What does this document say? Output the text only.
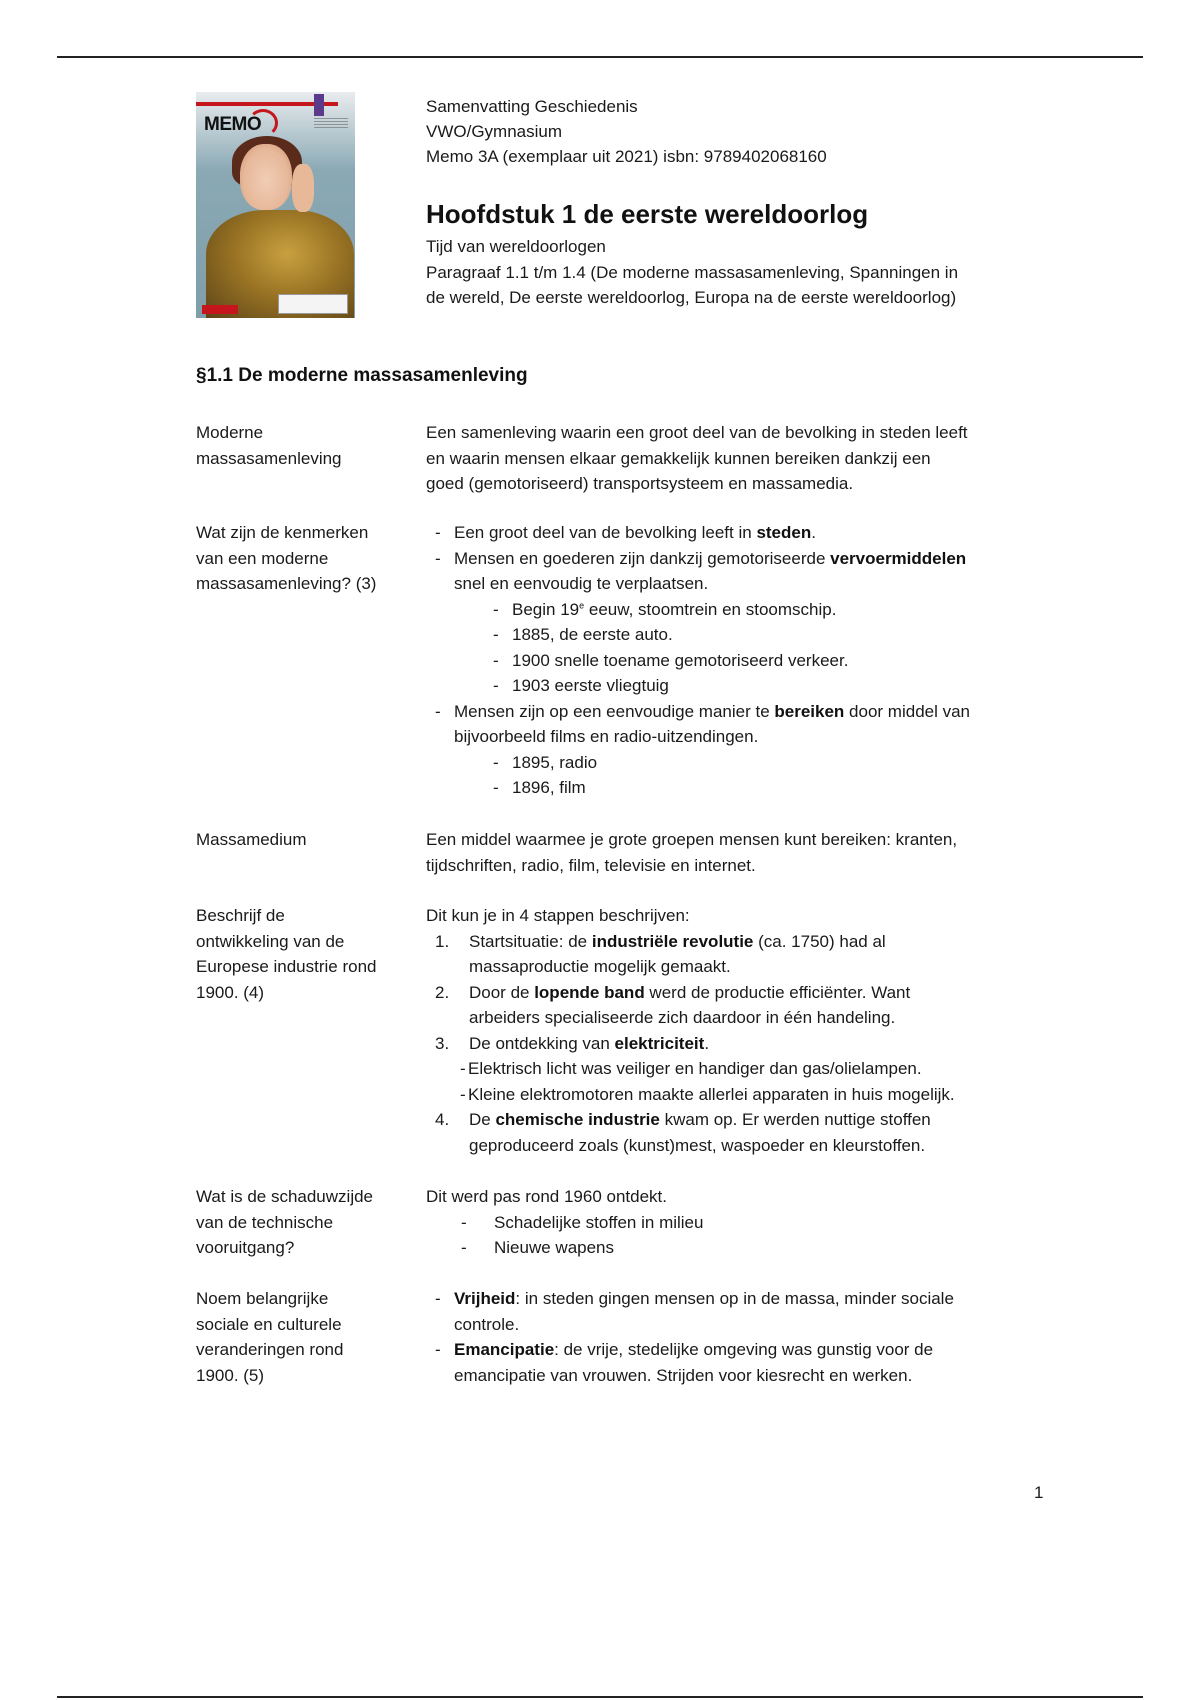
MEMO
Samenvatting Geschiedenis
VWO/Gymnasium
Memo 3A (exemplaar uit 2021) isbn: 9789402068160
Hoofdstuk 1 de eerste wereldoorlog
Tijd van wereldoorlogen
Paragraaf 1.1 t/m 1.4 (De moderne massasamenleving, Spanningen in
de wereld, De eerste wereldoorlog, Europa na de eerste wereldoorlog)
§1.1 De moderne massasamenleving
Moderne
massasamenleving

Een samenleving waarin een groot deel van de bevolking in steden leeft

en waarin mensen elkaar gemakkelijk kunnen bereiken dankzij een

goed (gemotoriseerd) transportsysteem en massamedia.

Wat zijn de kenmerken
van een moderne
massasamenleving? (3)

- Een groot deel van de bevolking leeft in steden.

- Mensen en goederen zijn dankzij gemotoriseerde vervoermiddelen
snel en eenvoudig te verplaatsen.

- Begin 19e eeuw, stoomtrein en stoomschip.

- 1885, de eerste auto.

- 1900 snelle toename gemotoriseerd verkeer.

- 1903 eerste vliegtuig

- Mensen zijn op een eenvoudige manier te bereiken door middel van
bijvoorbeeld films en radio-uitzendingen.

- 1895, radio

- 1896, film

Massamedium	Een middel waarmee je grote groepen mensen kunt bereiken: kranten,

tijdschriften, radio, film, televisie en internet.

Beschrijf de
ontwikkeling van de
Europese industrie rond
1900. (4)

Dit kun je in 4 stappen beschrijven:

1. Startsituatie: de industriële revolutie (ca. 1750) had al
massaproductie mogelijk gemaakt.

2. Door de lopende band werd de productie efficiënter. Want
arbeiders specialiseerde zich daardoor in één handeling.

3. De ontdekking van elektriciteit.

- Elektrisch licht was veiliger en handiger dan gas/olielampen.

- Kleine elektromotoren maakte allerlei apparaten in huis mogelijk.

4. De chemische industrie kwam op. Er werden nuttige stoffen
geproduceerd zoals (kunst)mest, waspoeder en kleurstoffen.

Wat is de schaduwzijde
van de technische
vooruitgang?

Dit werd pas rond 1960 ontdekt.

- Schadelijke stoffen in milieu

- Nieuwe wapens

Noem belangrijke
sociale en culturele
veranderingen rond
1900. (5)

- Vrijheid: in steden gingen mensen op in de massa, minder sociale
controle.

- Emancipatie: de vrije, stedelijke omgeving was gunstig voor de
emancipatie van vrouwen. Strijden voor kiesrecht en werken.

1
